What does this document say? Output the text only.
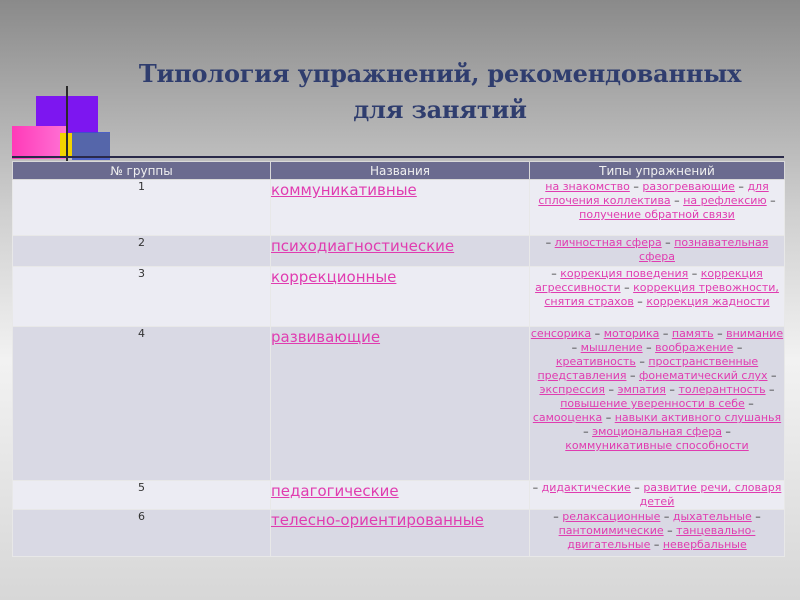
Типология упражнений, рекомендованных для занятий
№ группы	Названия	Типы упражнений
1	коммуникативные	на знакомство – разогревающие – для сплочения коллектива – на рефлексию – получение обратной связи
2	психодиагностические	– личностная сфера – познавательная сфера
3	коррекционные	– коррекция поведения – коррекция агрессивности – коррекция тревожности, снятия страхов – коррекция жадности
4	развивающие	сенсорика – моторика – память – внимание – мышление – воображение – креативность – пространственные представления – фонематический слух – экспрессия – эмпатия – толерантность – повышение уверенности в себе – самооценка – навыки активного слушанья – эмоциональная сфера – коммуникативные способности
5	педагогические	– дидактические – развитие речи, словаря детей
6	телесно-ориентированные	– релаксационные – дыхательные – пантомимические – танцевально-двигательные – невербальные
